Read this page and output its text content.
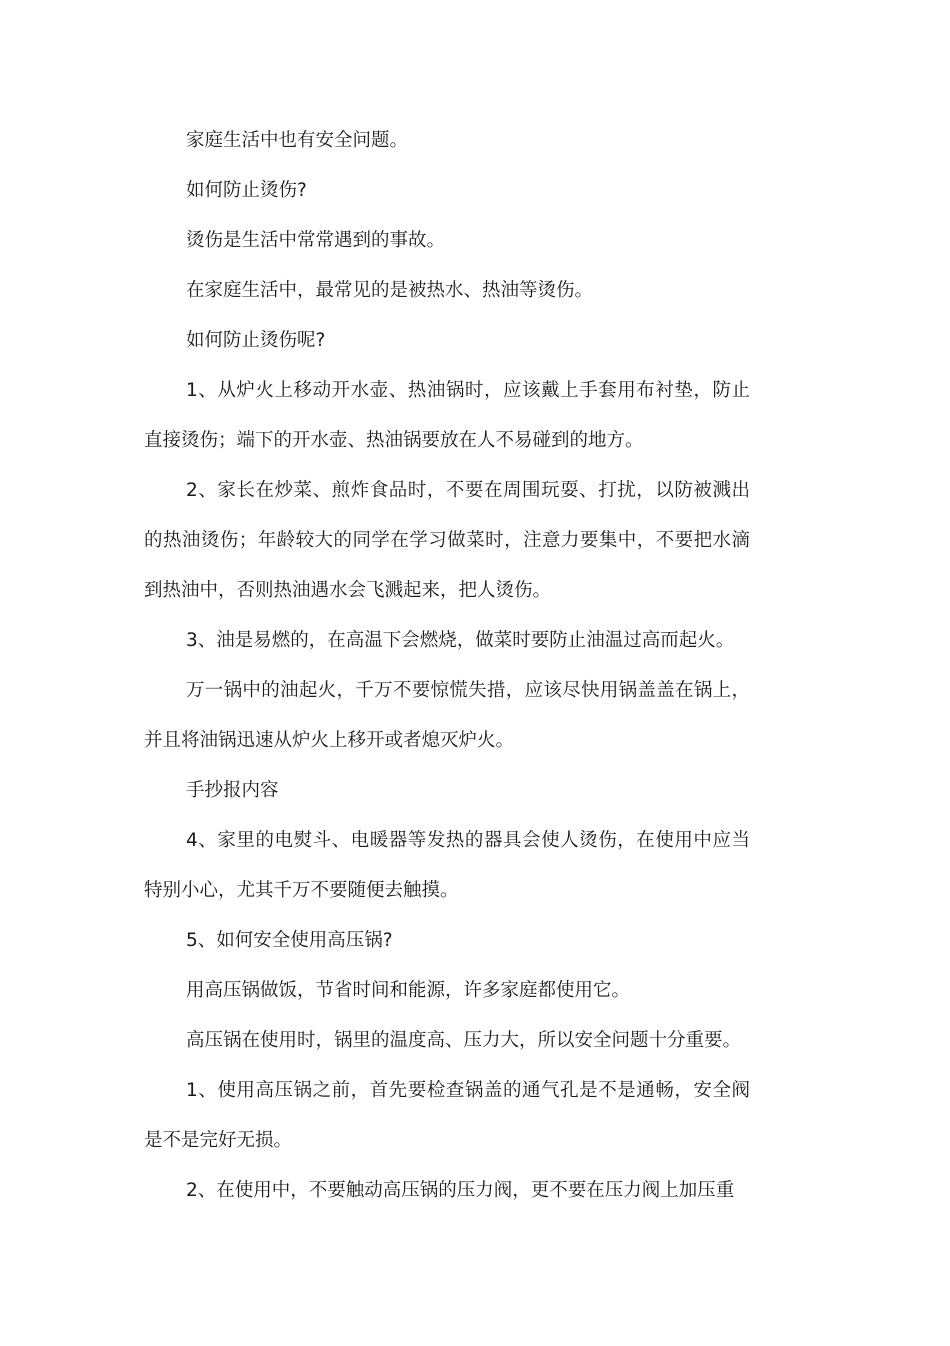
家庭生活中也有安全问题。

如何防止烫伤?

烫伤是生活中常常遇到的事故。

在家庭生活中，最常见的是被热水、热油等烫伤。

如何防止烫伤呢?

1、从炉火上移动开水壶、热油锅时，应该戴上手套用布衬垫，防止直接烫伤；端下的开水壶、热油锅要放在人不易碰到的地方。

2、家长在炒菜、煎炸食品时，不要在周围玩耍、打扰，以防被溅出的热油烫伤；年龄较大的同学在学习做菜时，注意力要集中，不要把水滴到热油中，否则热油遇水会飞溅起来，把人烫伤。

3、油是易燃的，在高温下会燃烧，做菜时要防止油温过高而起火。

万一锅中的油起火，千万不要惊慌失措，应该尽快用锅盖盖在锅上，并且将油锅迅速从炉火上移开或者熄灭炉火。

手抄报内容

4、家里的电熨斗、电暖器等发热的器具会使人烫伤，在使用中应当特别小心，尤其千万不要随便去触摸。

5、如何安全使用高压锅?

用高压锅做饭，节省时间和能源，许多家庭都使用它。

高压锅在使用时，锅里的温度高、压力大，所以安全问题十分重要。

1、使用高压锅之前，首先要检查锅盖的通气孔是不是通畅，安全阀是不是完好无损。

2、在使用中，不要触动高压锅的压力阀，更不要在压力阀上加压重
